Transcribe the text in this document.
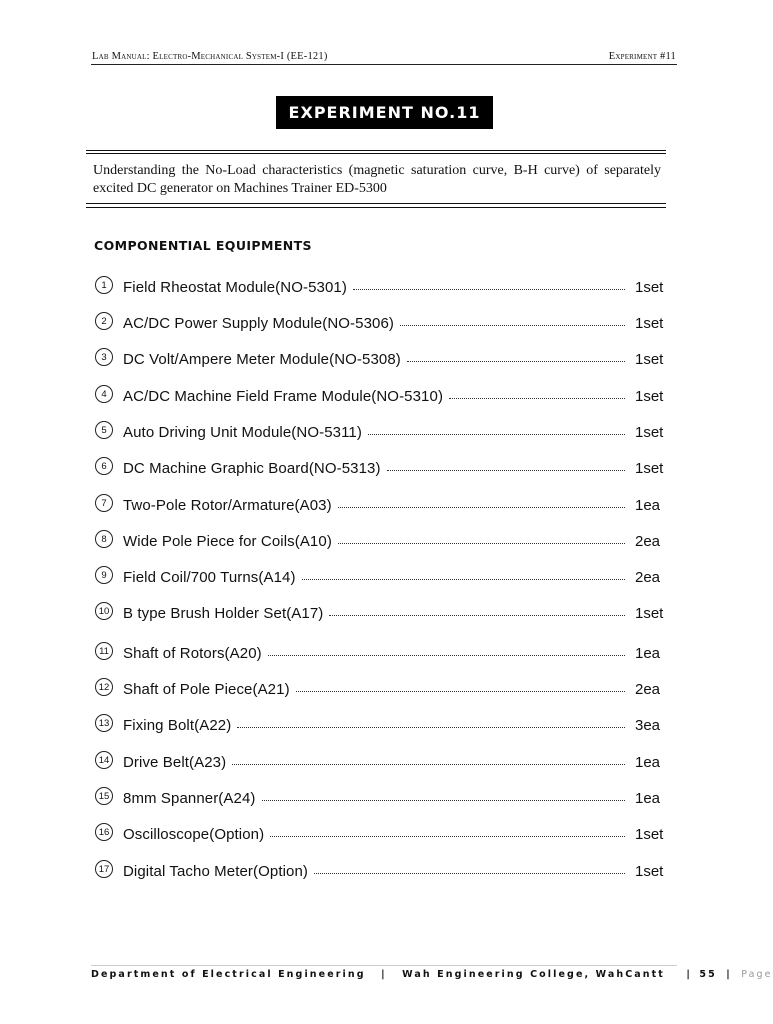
Lab Manual: Electro-Mechanical System-I (EE-121)	Experiment #11
EXPERIMENT NO.11
Understanding the No-Load characteristics (magnetic saturation curve, B-H curve) of separately excited DC generator on Machines Trainer ED-5300
COMPONENTIAL EQUIPMENTS
1	Field Rheostat Module(NO-5301)	1set
2	AC/DC Power Supply Module(NO-5306)	1set
3	DC Volt/Ampere Meter Module(NO-5308)	1set
4	AC/DC Machine Field Frame Module(NO-5310)	1set
5	Auto Driving Unit Module(NO-5311)	1set
6	DC Machine Graphic Board(NO-5313)	1set
7	Two-Pole Rotor/Armature(A03)	1ea
8	Wide Pole Piece for Coils(A10)	2ea
9	Field Coil/700 Turns(A14)	2ea
10 B type Brush Holder Set(A17)	1set
11 Shaft of Rotors(A20)	1ea
12 Shaft of Pole Piece(A21)	2ea
13 Fixing Bolt(A22)	3ea
14 Drive Belt(A23)	1ea
15 8mm Spanner(A24)	1ea
16 Oscilloscope(Option)	1set
17 Digital Tacho Meter(Option)	1set
Department of Electrical Engineering | Wah Engineering College, WahCantt | 55 | Page
